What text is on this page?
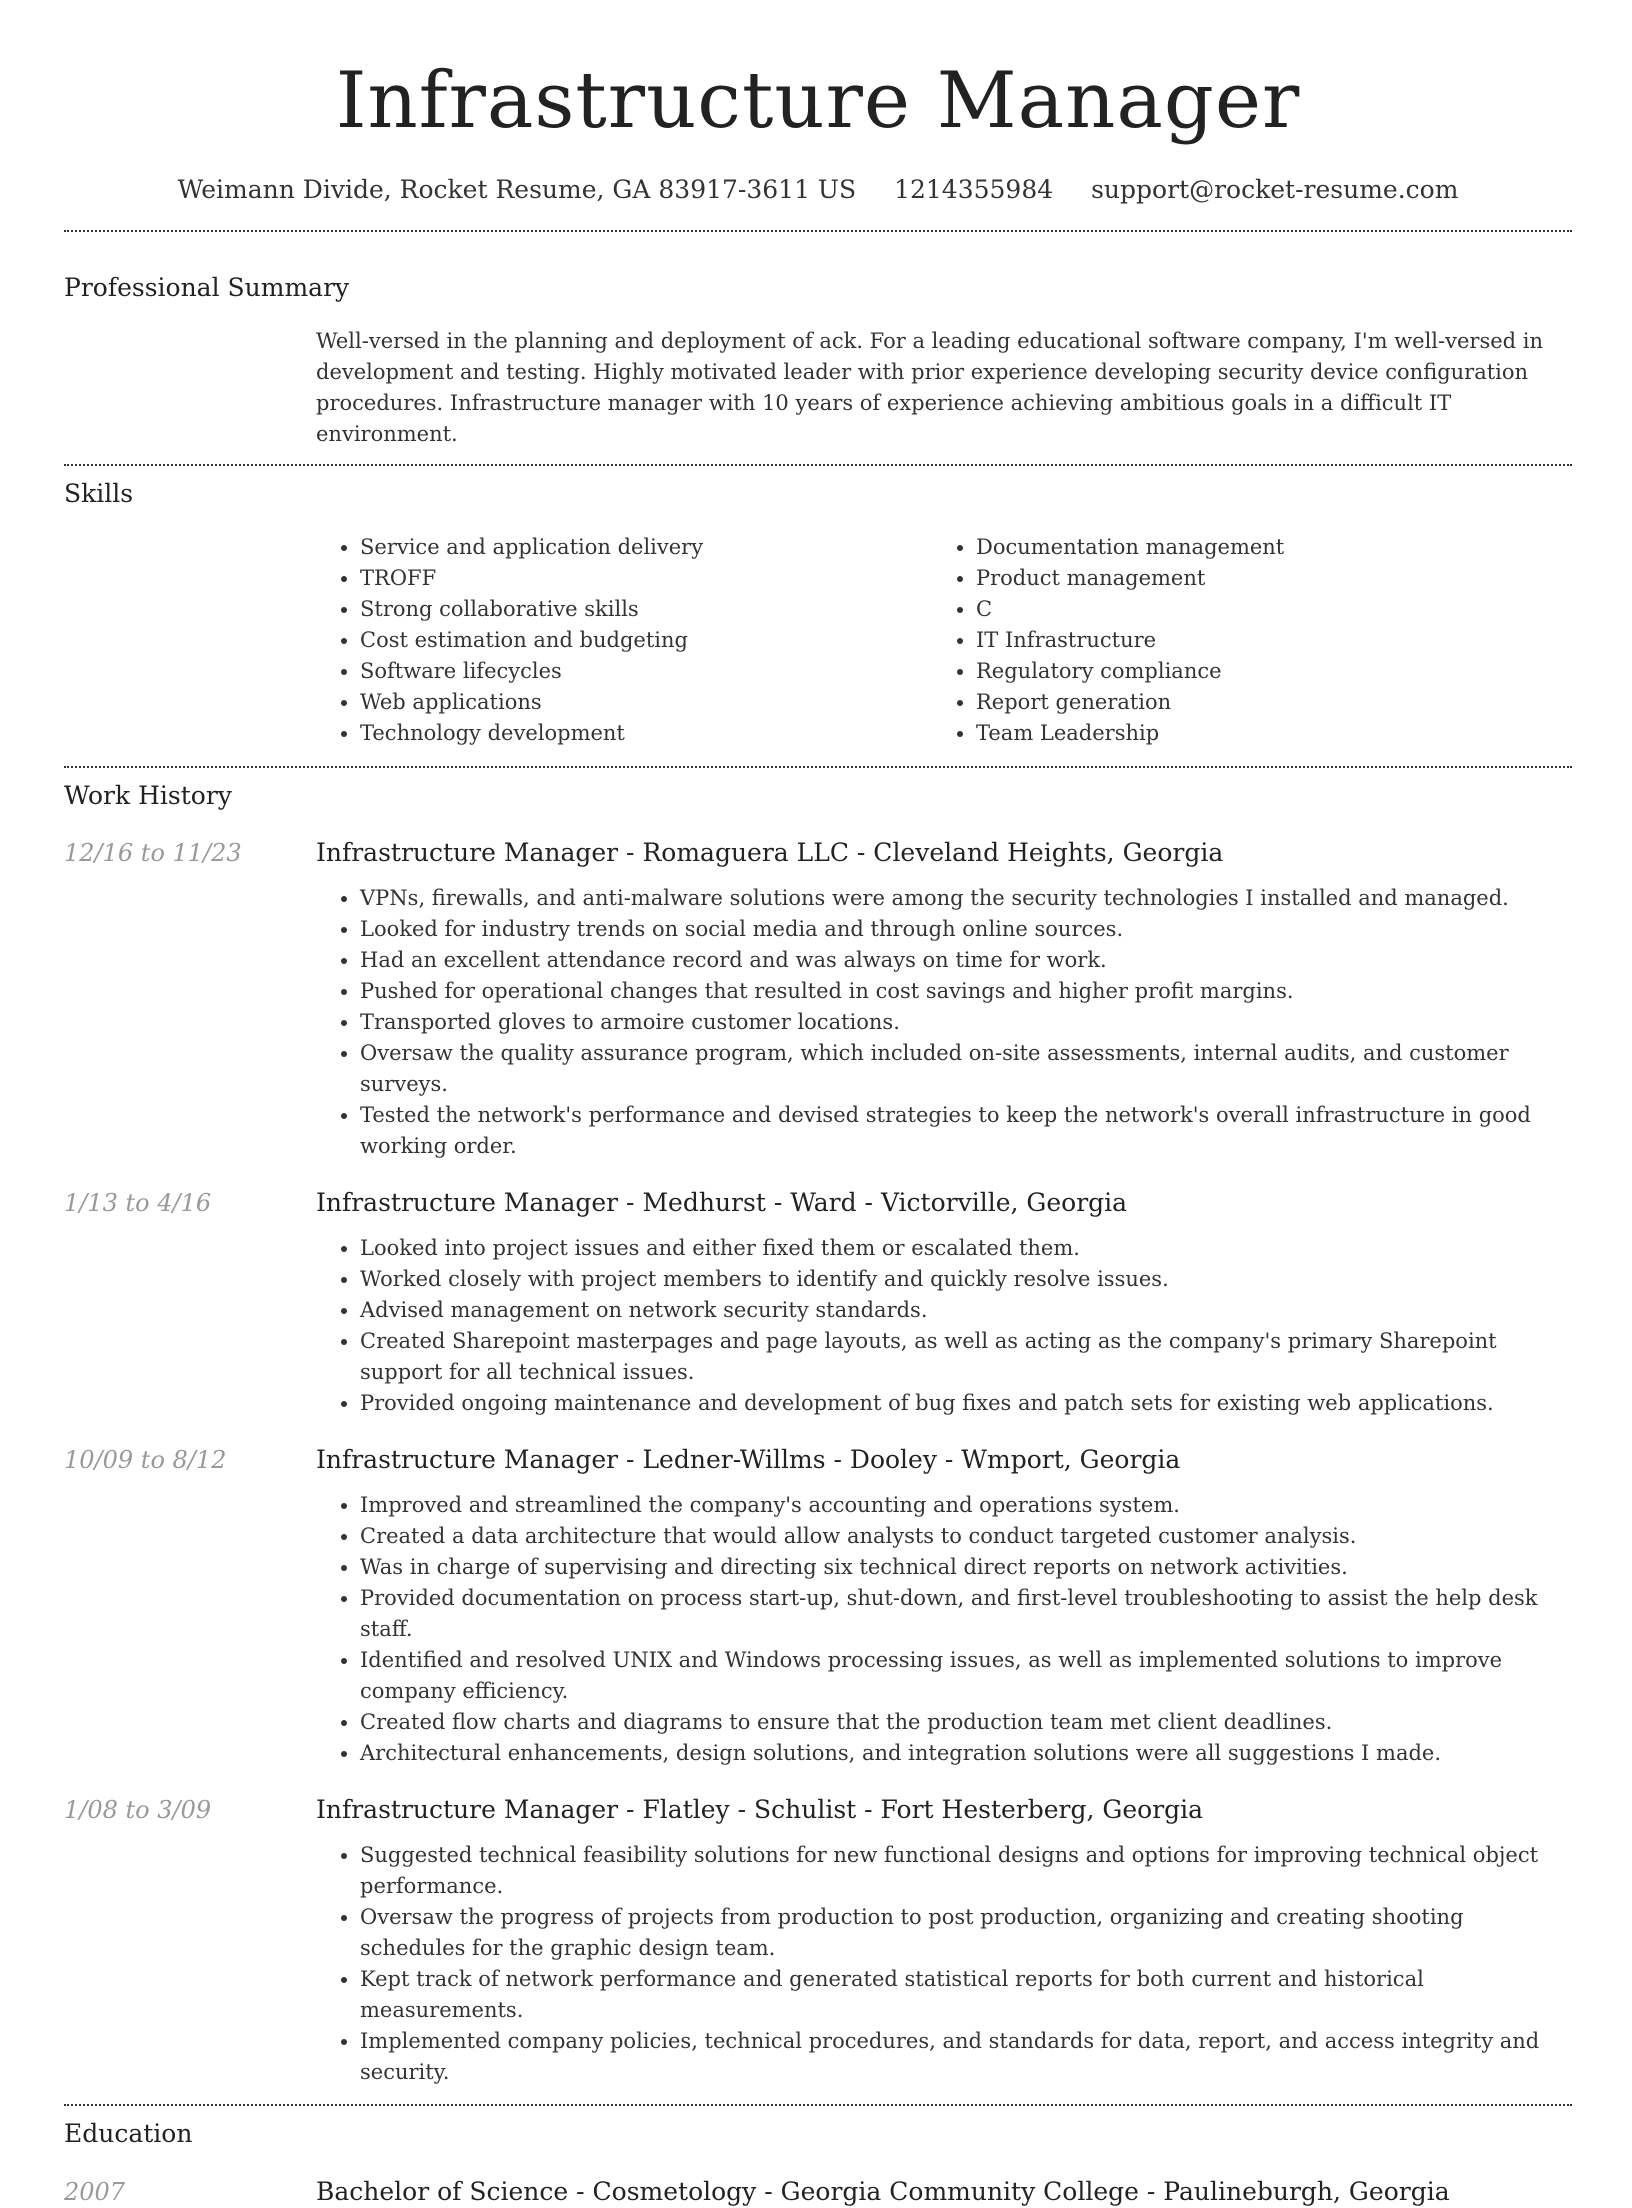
Infrastructure Manager
Weimann Divide, Rocket Resume, GA 83917-3611 US 1214355984 support@rocket-resume.com
Professional Summary
Well-versed in the planning and deployment of ack. For a leading educational software company, I'm well-versed in development and testing. Highly motivated leader with prior experience developing security device configuration procedures. Infrastructure manager with 10 years of experience achieving ambitious goals in a difficult IT environment.
Skills
• Service and application delivery
• TROFF
• Strong collaborative skills
• Cost estimation and budgeting
• Software lifecycles
• Web applications
• Technology development
• Documentation management
• Product management
• C
• IT Infrastructure
• Regulatory compliance
• Report generation
• Team Leadership
Work History
12/16 to 11/23	Infrastructure Manager - Romaguera LLC - Cleveland Heights, Georgia
• VPNs, firewalls, and anti-malware solutions were among the security technologies I installed and managed.
• Looked for industry trends on social media and through online sources.
• Had an excellent attendance record and was always on time for work.
• Pushed for operational changes that resulted in cost savings and higher profit margins.
• Transported gloves to armoire customer locations.
• Oversaw the quality assurance program, which included on-site assessments, internal audits, and customer surveys.
• Tested the network's performance and devised strategies to keep the network's overall infrastructure in good working order.
1/13 to 4/16	Infrastructure Manager - Medhurst - Ward - Victorville, Georgia
• Looked into project issues and either fixed them or escalated them.
• Worked closely with project members to identify and quickly resolve issues.
• Advised management on network security standards.
• Created Sharepoint masterpages and page layouts, as well as acting as the company's primary Sharepoint support for all technical issues.
• Provided ongoing maintenance and development of bug fixes and patch sets for existing web applications.
10/09 to 8/12	Infrastructure Manager - Ledner-Willms - Dooley - Wmport, Georgia
• Improved and streamlined the company's accounting and operations system.
• Created a data architecture that would allow analysts to conduct targeted customer analysis.
• Was in charge of supervising and directing six technical direct reports on network activities.
• Provided documentation on process start-up, shut-down, and first-level troubleshooting to assist the help desk staff.
• Identified and resolved UNIX and Windows processing issues, as well as implemented solutions to improve company efficiency.
• Created flow charts and diagrams to ensure that the production team met client deadlines.
• Architectural enhancements, design solutions, and integration solutions were all suggestions I made.
1/08 to 3/09	Infrastructure Manager - Flatley - Schulist - Fort Hesterberg, Georgia
• Suggested technical feasibility solutions for new functional designs and options for improving technical object performance.
• Oversaw the progress of projects from production to post production, organizing and creating shooting schedules for the graphic design team.
• Kept track of network performance and generated statistical reports for both current and historical measurements.
• Implemented company policies, technical procedures, and standards for data, report, and access integrity and security.
Education
2007	Bachelor of Science - Cosmetology - Georgia Community College - Paulineburgh, Georgia
